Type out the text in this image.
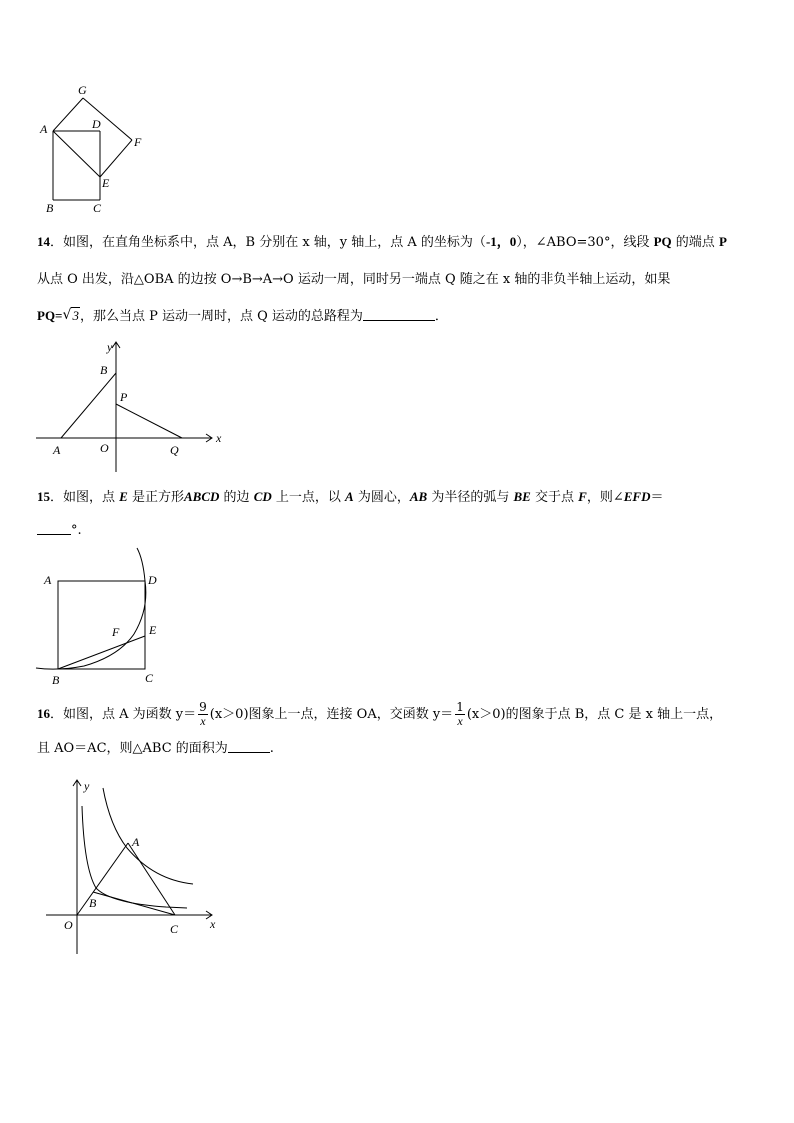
G
A	D
F
E
B	C
14．如图，在直角坐标系中，点 A，B 分别在 x 轴，y 轴上，点 A 的坐标为（-1，0），∠ABO=30°，线段 PQ 的端点 P
从点 O 出发，沿△OBA 的边按 O→B→A→O 运动一周，同时另一端点 Q 随之在 x 轴的非负半轴上运动，如果
PQ= √ 3，那么当点 P 运动一周时，点 Q 运动的总路程为	．
y
B
P
A	O	Q
x
15．如图，点 E 是正方形ABCD 的边 CD 上一点，以 A 为圆心，AB 为半径的弧与 BE 交于点 F，则∠EFD＝
°.
A	D
F E
B	C
16．如图，点 A 为函数 $y= \frac{9}{x} (x>0)$图象上一点，连接 OA，交函数 $y= \frac{1}{x} (x>0)$的图象于点 B，点 C 是 x 轴上一点，
且 AO＝AC，则△ABC 的面积为	.
y
A
B
O	C	x
